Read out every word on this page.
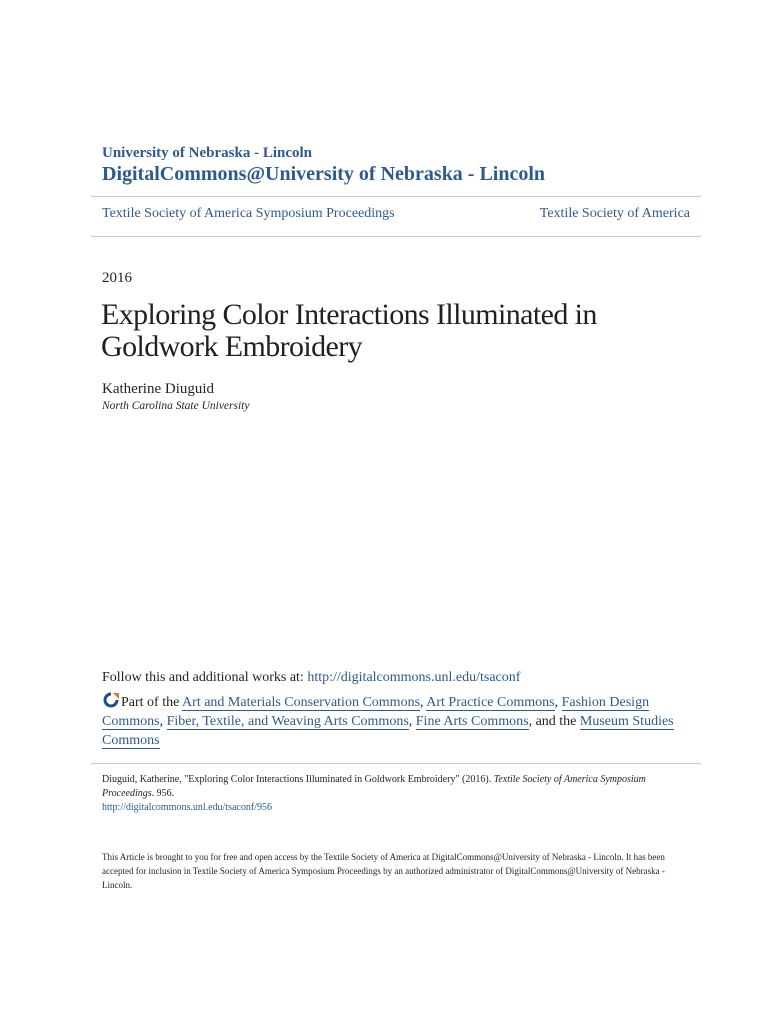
University of Nebraska - Lincoln
DigitalCommons@University of Nebraska - Lincoln
Textile Society of America Symposium Proceedings	Textile Society of America
2016
Exploring Color Interactions Illuminated in
Goldwork Embroidery
Katherine Diuguid
North Carolina State University
Follow this and additional works at: http://digitalcommons.unl.edu/tsaconf
Part of the Art and Materials Conservation Commons, Art Practice Commons, Fashion Design Commons, Fiber, Textile, and Weaving Arts Commons, Fine Arts Commons, and the Museum Studies Commons
Diuguid, Katherine, "Exploring Color Interactions Illuminated in Goldwork Embroidery" (2016). Textile Society of America Symposium Proceedings. 956.
http://digitalcommons.unl.edu/tsaconf/956
This Article is brought to you for free and open access by the Textile Society of America at DigitalCommons@University of Nebraska - Lincoln. It has been accepted for inclusion in Textile Society of America Symposium Proceedings by an authorized administrator of DigitalCommons@University of Nebraska - Lincoln.
